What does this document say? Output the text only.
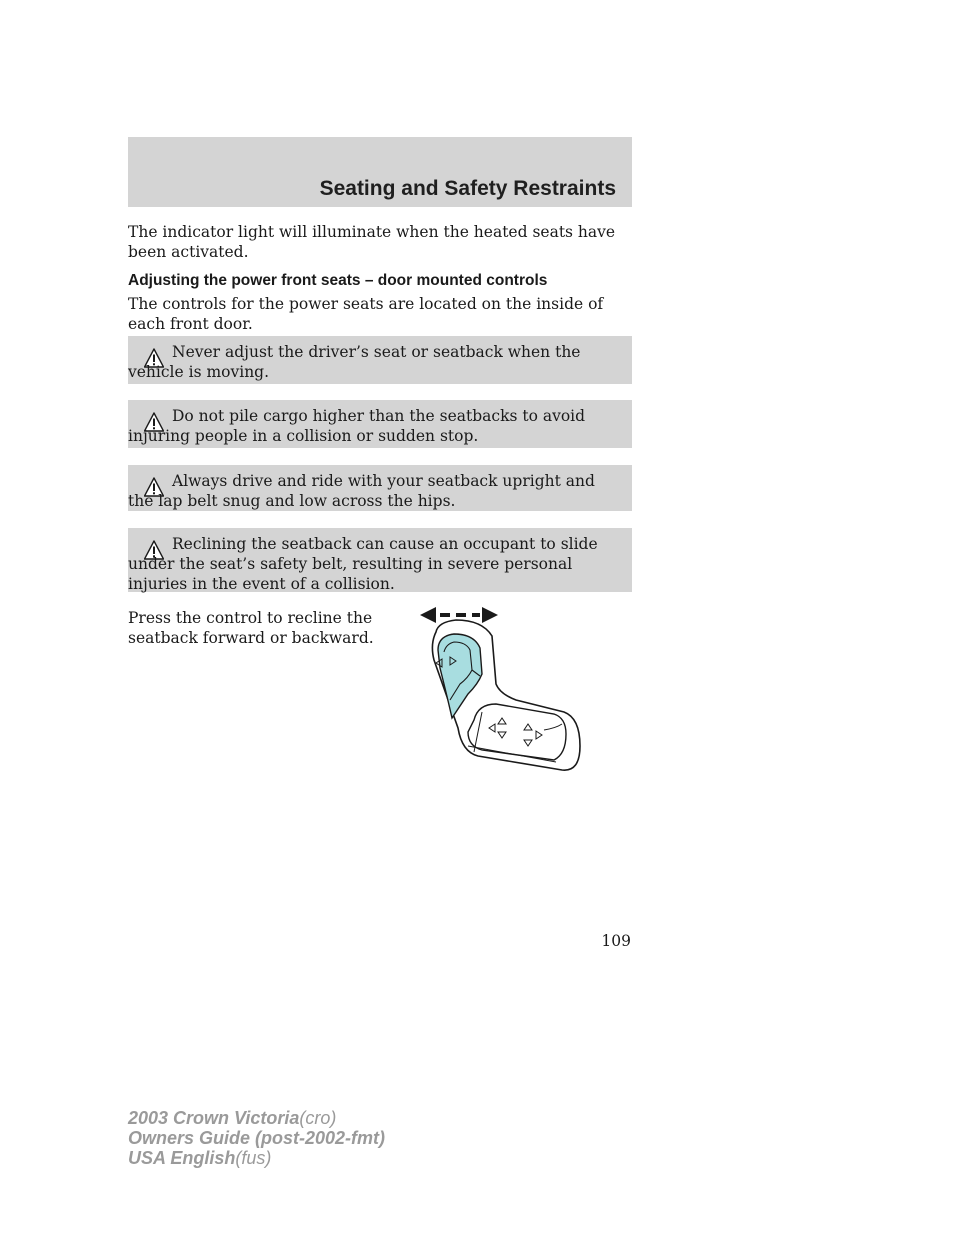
Seating and Safety Restraints

The indicator light will illuminate when the heated seats have been activated.

Adjusting the power front seats – door mounted controls

The controls for the power seats are located on the inside of each front door.

Never adjust the driver’s seat or seatback when the vehicle is moving.

Do not pile cargo higher than the seatbacks to avoid injuring people in a collision or sudden stop.

Always drive and ride with your seatback upright and the lap belt snug and low across the hips.

Reclining the seatback can cause an occupant to slide under the seat’s safety belt, resulting in severe personal injuries in the event of a collision.

Press the control to recline the seatback forward or backward.

109
2003 Crown Victoria(cro)
Owners Guide (post-2002-fmt)
USA English(fus)
